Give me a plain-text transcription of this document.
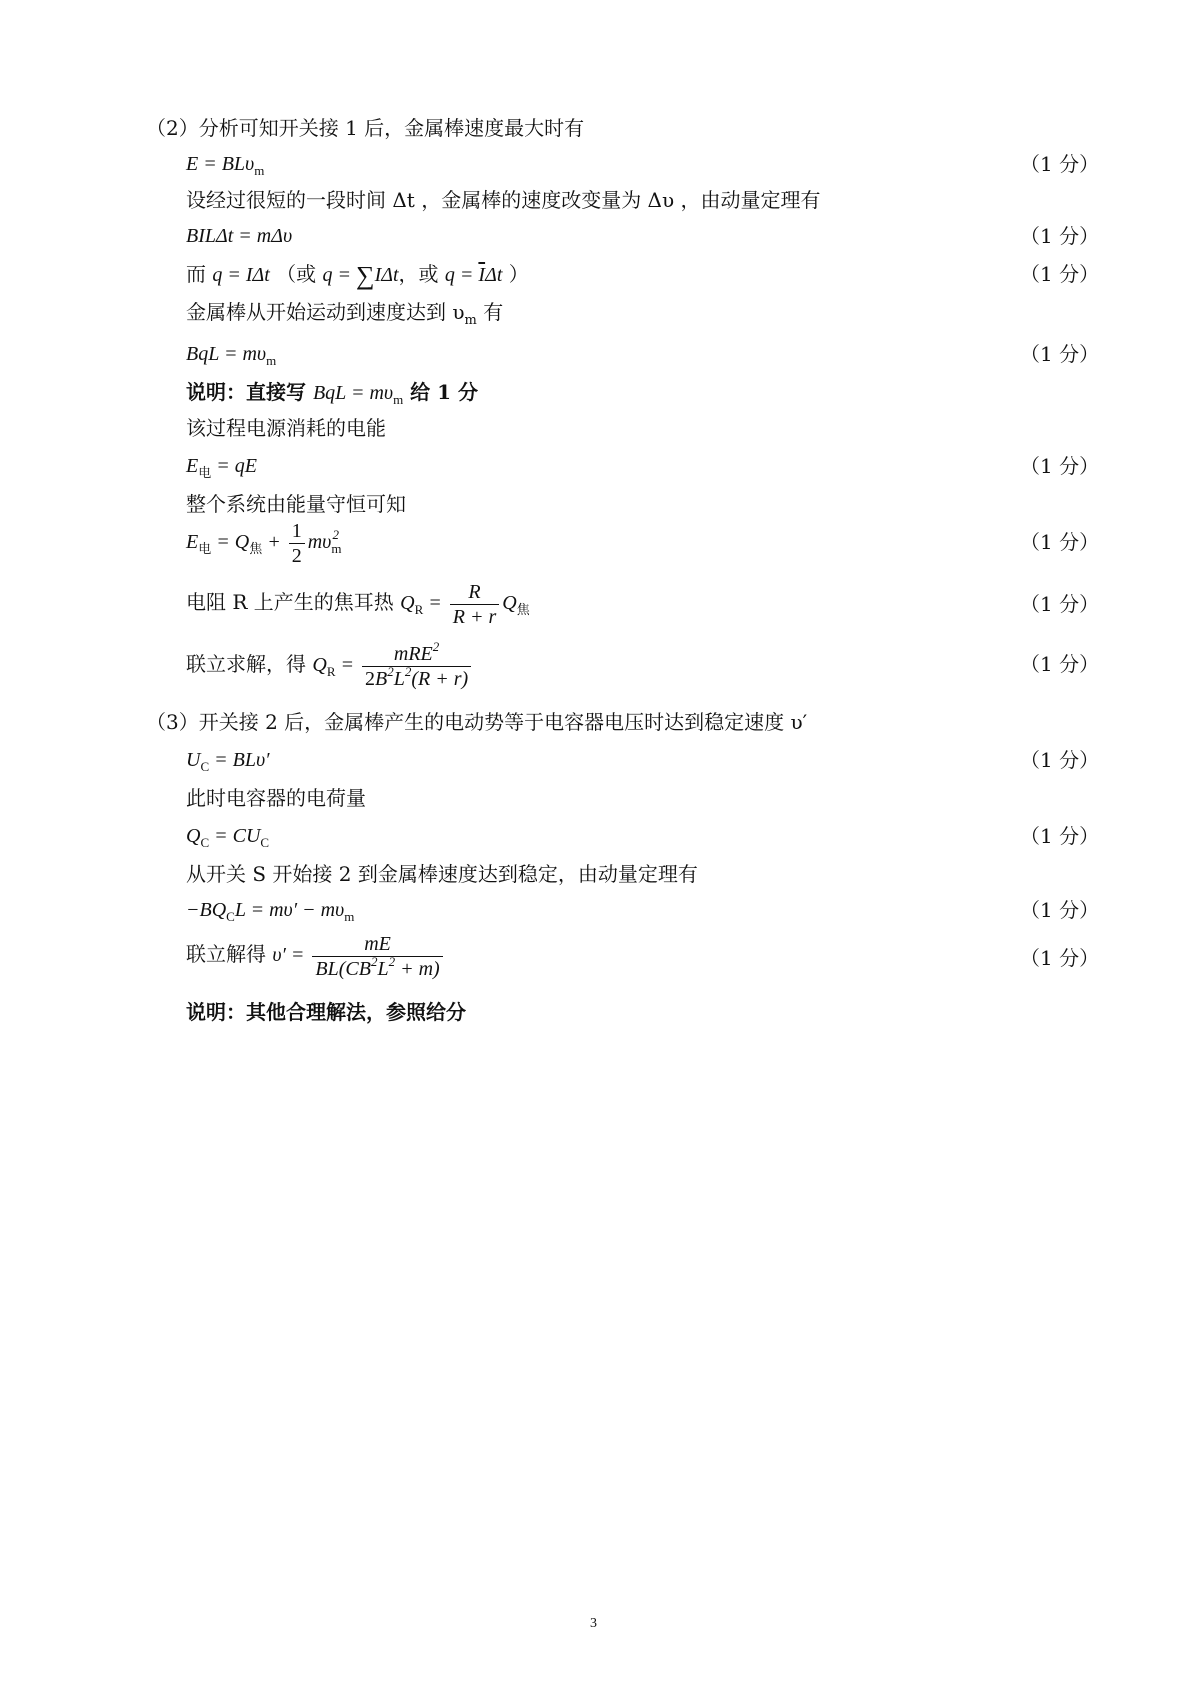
（2）分析可知开关接 1 后，金属棒速度最大时有
E = BLυ$_m$	（1 分）
设经过很短的一段时间 Δt ，金属棒的速度改变量为 Δυ ，由动量定理有
BILΔt = mΔυ	（1 分）
而 q = IΔt （或 q = ∑IΔt，或 $q = \overline{I}\Delta t$ ）	（1 分）
金属棒从开始运动到速度达到 $\upsilon_m$ 有
BqL = $m\upsilon_m$	（1 分）
说明：直接写 BqL = $m\upsilon_m$ 给 1 分
该过程电源消耗的电能
$E_电$ = qE	（1 分）
整个系统由能量守恒可知
$E_电 = Q_焦 + \frac{1}{2} m\upsilon_m^2$	（1 分）
电阻 R 上产生的焦耳热 $Q_R = \frac{R}{R + r} Q_焦$	（1 分）
联立求解，得 $Q_R = \frac{mRE^2}{2B^2L^2(R + r)}$	（1 分）
（3）开关接 2 后，金属棒产生的电动势等于电容器电压时达到稳定速度 υ′
$U_C = BL\upsilon'$	（1 分）
此时电容器的电荷量
$Q_C = CU_C$	（1 分）
从开关 S 开始接 2 到金属棒速度达到稳定，由动量定理有
$-BQ_CL = m\upsilon' - m\upsilon_m$	（1 分）
联立解得 $\upsilon' = \frac{mE}{BL(CB^2L^2 + m)}$	（1 分）
说明：其他合理解法，参照给分
3
